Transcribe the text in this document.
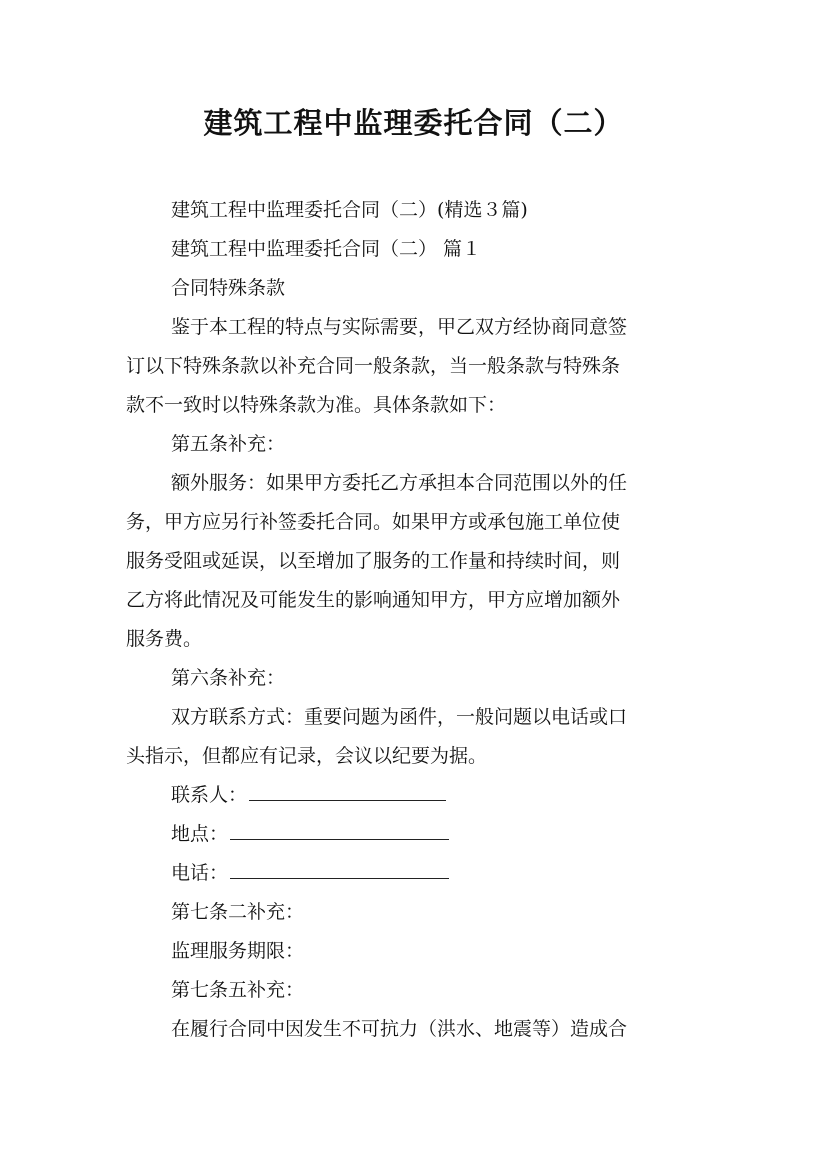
建筑工程中监理委托合同（二）
建筑工程中监理委托合同（二）(精选３篇)
建筑工程中监理委托合同（二） 篇１
合同特殊条款
鉴于本工程的特点与实际需要，甲乙双方经协商同意签
订以下特殊条款以补充合同一般条款，当一般条款与特殊条
款不一致时以特殊条款为准。具体条款如下：
第五条补充：
额外服务：如果甲方委托乙方承担本合同范围以外的任
务，甲方应另行补签委托合同。如果甲方或承包施工单位使
服务受阻或延误，以至增加了服务的工作量和持续时间，则
乙方将此情况及可能发生的影响通知甲方，甲方应增加额外
服务费。
第六条补充：
双方联系方式：重要问题为函件，一般问题以电话或口
头指示，但都应有记录，会议以纪要为据。
联系人：
地点：
电话：
第七条二补充：
监理服务期限：
第七条五补充：
在履行合同中因发生不可抗力（洪水、地震等）造成合
